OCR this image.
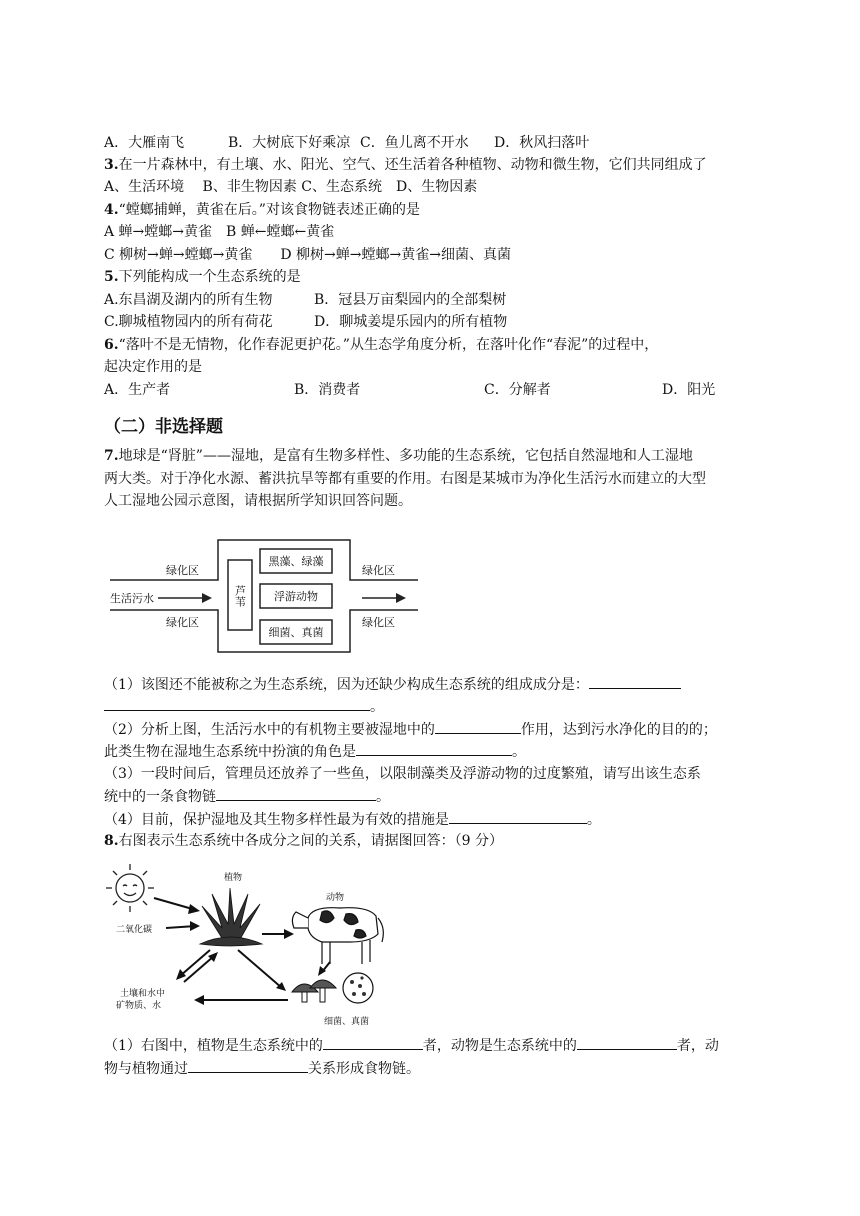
A．大雁南飞	B．大树底下好乘凉 C．鱼儿离不开水 D．秋风扫落叶
3.在一片森林中，有土壤、水、阳光、空气、还生活着各种植物、动物和微生物，它们共同组成了
A、生活环境　 B、非生物因素 C、生态系统　D、生物因素
4.“螳螂捕蝉，黄雀在后。”对该食物链表述正确的是
A 蝉→螳螂→黄雀　B 蝉←螳螂←黄雀
C 柳树→蝉→螳螂→黄雀　　D 柳树→蝉→螳螂→黄雀→细菌、真菌
5.下列能构成一个生态系统的是
A.东昌湖及湖内的所有生物	B．冠县万亩梨园内的全部梨树
C.聊城植物园内的所有荷花	D．聊城姜堤乐园内的所有植物
6.“落叶不是无情物，化作春泥更护花。”从生态学角度分析，在落叶化作“春泥”的过程中，
起决定作用的是
A．生产者	B．消费者	C．分解者	D．阳光
（二）非选择题
7.地球是“肾脏”——湿地，是富有生物多样性、多功能的生态系统，它包括自然湿地和人工湿地
两大类。对于净化水源、蓄洪抗旱等都有重要的作用。右图是某城市为净化生活污水而建立的大型
人工湿地公园示意图，请根据所学知识回答问题。
生活污水
绿化区
绿化区
绿化区
绿化区
黑藻、绿藻
浮游动物
细菌、真菌
芦苇
（1）该图还不能被称之为生态系统，因为还缺少构成生态系统的组成成分是：
。
（2）分析上图，生活污水中的有机物主要被湿地中的	作用，达到污水净化的目的的；
此类生物在湿地生态系统中扮演的角色是	。
（3）一段时间后，管理员还放养了一些鱼，以限制藻类及浮游动物的过度繁殖，请写出该生态系
统中的一条食物链	。
（4）目前，保护湿地及其生物多样性最为有效的措施是	。
8.右图表示生态系统中各成分之间的关系，请据图回答：（9 分）
植物
动物
二氧化碳
土壤和水中
矿物质、水
细菌、真菌
（1）右图中，植物是生态系统中的	者，动物是生态系统中的	者，动
物与植物通过	关系形成食物链。
